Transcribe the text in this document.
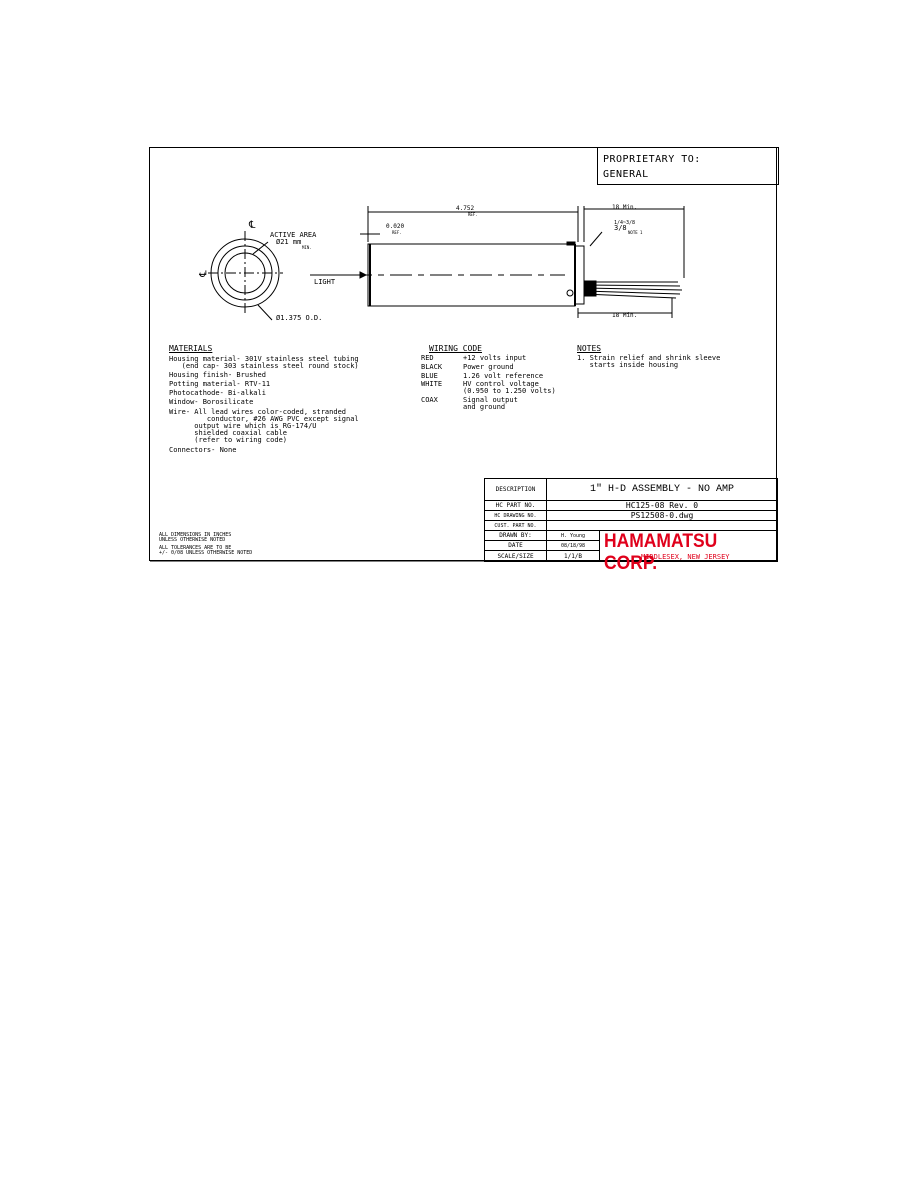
PROPRIETARY TO:
GENERAL
4.752
REF.
0.020
REF.
18 Min.
18 Min.
1/4~3/8
3/8
NOTE 1
ACTIVE AREA
Ø21 mm
MIN.
Ø1.375 O.D.
LIGHT
℄
℄
MATERIALS
Housing material- 301V stainless steel tubing
(end cap- 303 stainless steel round stock)
Housing finish- Brushed
Potting material- RTV-11
Photocathode- Bi-alkali
Window- Borosilicate
Wire- All lead wires color-coded, stranded
conductor, #26 AWG PVC except signal
output wire which is RG-174/U
shielded coaxial cable
(refer to wiring code)
Connectors- None
WIRING CODE
RED	+12 volts input
BLACK	Power ground
BLUE	1.26 volt reference
WHITE	HV control voltage
(0.950 to 1.250 volts)
COAX	Signal output
and ground
NOTES
1. Strain relief and shrink sleeve
starts inside housing
ALL DIMENSIONS IN INCHES
UNLESS OTHERWISE NOTED
ALL TOLERANCES ARE TO BE
+/- 0/08 UNLESS OTHERWISE NOTED
DESCRIPTION	1" H-D ASSEMBLY - NO AMP
HC PART NO.	HC125-08 Rev. 0
HC DRAWING NO.	PS12508-0.dwg
CUST. PART NO.
DRAWN BY:	H. Young
DATE	08/18/98
SCALE/SIZE	1/1/B
HAMAMATSU CORP.
MIDDLESEX, NEW JERSEY
